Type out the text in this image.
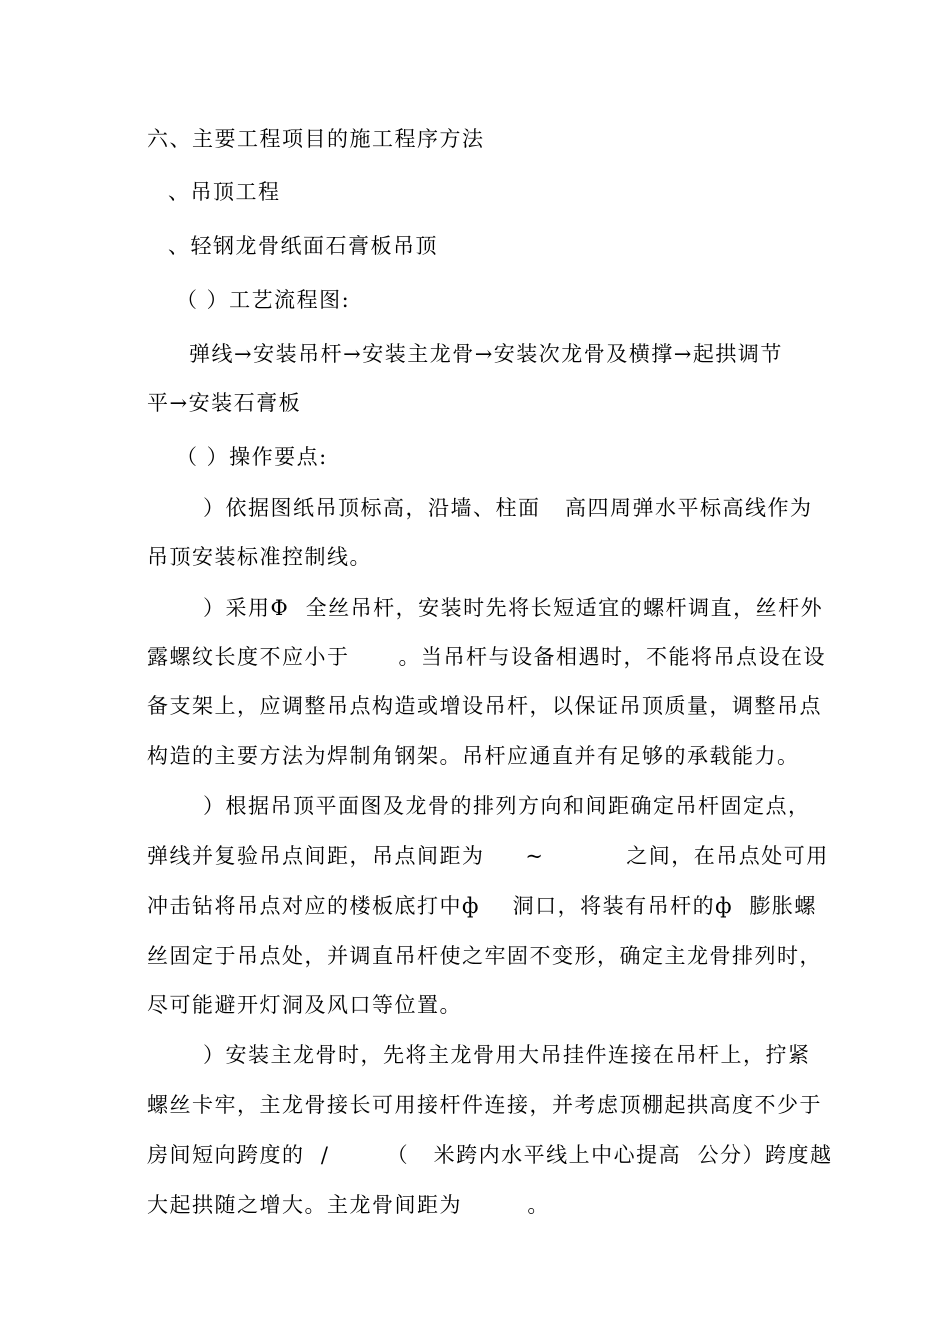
六、主要工程项目的施工程序方法
、吊顶工程
、轻钢龙骨纸面石膏板吊顶
（ ）工艺流程图:
弹线→安装吊杆→安装主龙骨→安装次龙骨及横撑→起拱调节
平→安装石膏板
（ ）操作要点:
）依据图纸吊顶标高，沿墙、柱面   高四周弹水平标高线作为
吊顶安装标准控制线。
）采用Φ  全丝吊杆，安装时先将长短适宜的螺杆调直，丝杆外
露螺纹长度不应小于      。当吊杆与设备相遇时，不能将吊点设在设
备支架上，应调整吊点构造或增设吊杆，以保证吊顶质量，调整吊点
构造的主要方法为焊制角钢架。吊杆应通直并有足够的承载能力。
）根据吊顶平面图及龙骨的排列方向和间距确定吊杆固定点，
弹线并复验吊点间距，吊点间距为     ~          之间，在吊点处可用
冲击钻将吊点对应的楼板底打中ф    洞口，将装有吊杆的ф  膨胀螺
丝固定于吊点处，并调直吊杆使之牢固不变形，确定主龙骨排列时，
尽可能避开灯洞及风口等位置。
）安装主龙骨时，先将主龙骨用大吊挂件连接在吊杆上，拧紧
螺丝卡牢，主龙骨接长可用接杆件连接，并考虑顶棚起拱高度不少于
房间短向跨度的  /       （   米跨内水平线上中心提高  公分）跨度越
大起拱随之增大。主龙骨间距为        。
